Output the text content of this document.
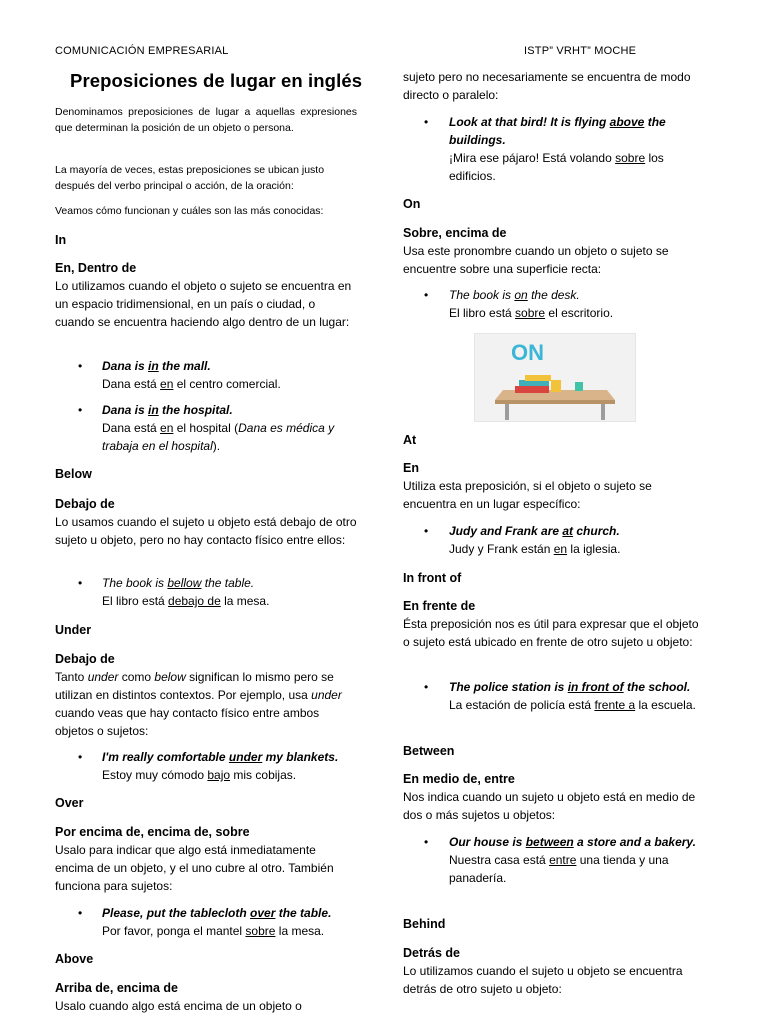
COMUNICACIÓN EMPRESARIAL	ISTP” VRHT” MOCHE
Preposiciones de lugar en inglés
Denominamos preposiciones de lugar a aquellas expresiones que determinan la posición de un objeto o persona.
La mayoría de veces, estas preposiciones se ubican justo después del verbo principal o acción, de la oración:
Veamos cómo funcionan y cuáles son las más conocidas:
In
En, Dentro de
Lo utilizamos cuando el objeto o sujeto se encuentra en un espacio tridimensional, en un país o ciudad, o cuando se encuentra haciendo algo dentro de un lugar:
• Dana is in the mall.
Dana está en el centro comercial.
• Dana is in the hospital.
Dana está en el hospital (Dana es médica y trabaja en el hospital).
Below
Debajo de
Lo usamos cuando el sujeto u objeto está debajo de otro sujeto u objeto, pero no hay contacto físico entre ellos:
• The book is bellow the table.
El libro está debajo de la mesa.
Under
Debajo de
Tanto under como below significan lo mismo pero se utilizan en distintos contextos. Por ejemplo, usa under cuando veas que hay contacto físico entre ambos objetos o sujetos:
• I'm really comfortable under my blankets.
Estoy muy cómodo bajo mis cobijas.
Over
Por encima de, encima de, sobre
Usalo para indicar que algo está inmediatamente encima de un objeto, y el uno cubre al otro. También funciona para sujetos:
• Please, put the tablecloth over the table.
Por favor, ponga el mantel sobre la mesa.
Above
Arriba de, encima de
Usalo cuando algo está encima de un objeto o
sujeto pero no necesariamente se encuentra de modo directo o paralelo:
• Look at that bird! It is flying above the buildings.
¡Mira ese pájaro! Está volando sobre los edificios.
On
Sobre, encima de
Usa este pronombre cuando un objeto o sujeto se encuentre sobre una superficie recta:
• The book is on the desk.
El libro está sobre el escritorio.
ON
At
En
Utiliza esta preposición, si el objeto o sujeto se encuentra en un lugar específico:
• Judy and Frank are at church.
Judy y Frank están en la iglesia.
In front of
En frente de
Ésta preposición nos es útil para expresar que el objeto o sujeto está ubicado en frente de otro sujeto u objeto:
• The police station is in front of the school.
La estación de policía está frente a la escuela.
Between
En medio de, entre
Nos indica cuando un sujeto u objeto está en medio de dos o más sujetos u objetos:
• Our house is between a store and a bakery.
Nuestra casa está entre una tienda y una panadería.
Behind
Detrás de
Lo utilizamos cuando el sujeto u objeto se encuentra detrás de otro sujeto u objeto:
